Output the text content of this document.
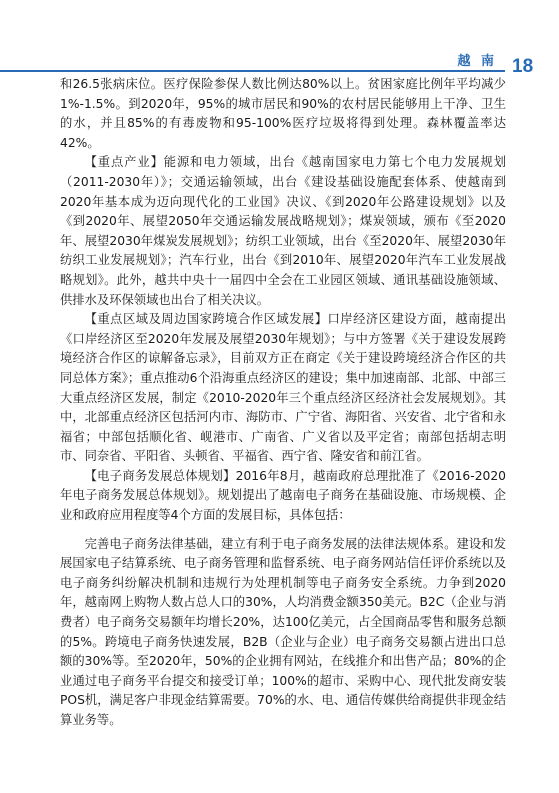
越 南 18

和26.5张病床位。医疗保险参保人数比例达80%以上。贫困家庭比例年平均减少1%-1.5%。到2020年，95%的城市居民和90%的农村居民能够用上干净、卫生的水，并且85%的有毒废物和95-100%医疗垃圾将得到处理。森林覆盖率达42%。

【重点产业】能源和电力领域，出台《越南国家电力第七个电力发展规划（2011-2030年）》；交通运输领域，出台《建设基础设施配套体系、使越南到2020年基本成为迈向现代化的工业国》决议、《到2020年公路建设规划》以及《到2020年、展望2050年交通运输发展战略规划》；煤炭领域，颁布《至2020年、展望2030年煤炭发展规划》；纺织工业领域，出台《至2020年、展望2030年纺织工业发展规划》；汽车行业，出台《到2010年、展望2020年汽车工业发展战略规划》。此外，越共中央十一届四中全会在工业园区领域、通讯基础设施领域、供排水及环保领域也出台了相关决议。

【重点区域及周边国家跨境合作区域发展】口岸经济区建设方面，越南提出《口岸经济区至2020年发展及展望2030年规划》；与中方签署《关于建设发展跨境经济合作区的谅解备忘录》，目前双方正在商定《关于建设跨境经济合作区的共同总体方案》；重点推动6个沿海重点经济区的建设；集中加速南部、北部、中部三大重点经济区发展，制定《2010-2020年三个重点经济区经济社会发展规划》。其中，北部重点经济区包括河内市、海防市、广宁省、海阳省、兴安省、北宁省和永福省；中部包括顺化省、岘港市、广南省、广义省以及平定省；南部包括胡志明市、同奈省、平阳省、头顿省、平福省、西宁省、隆安省和前江省。

【电子商务发展总体规划】2016年8月，越南政府总理批准了《2016-2020年电子商务发展总体规划》。规划提出了越南电子商务在基础设施、市场规模、企业和政府应用程度等4个方面的发展目标，具体包括：

完善电子商务法律基础，建立有利于电子商务发展的法律法规体系。建设和发展国家电子结算系统、电子商务管理和监督系统、电子商务网站信任评价系统以及电子商务纠纷解决机制和违规行为处理机制等电子商务安全系统。力争到2020年，越南网上购物人数占总人口的30%，人均消费金额350美元。B2C（企业与消费者）电子商务交易额年均增长20%，达100亿美元，占全国商品零售和服务总额的5%。跨境电子商务快速发展，B2B（企业与企业）电子商务交易额占进出口总额的30%等。至2020年，50%的企业拥有网站，在线推介和出售产品；80%的企业通过电子商务平台提交和接受订单；100%的超市、采购中心、现代批发商安装POS机，满足客户非现金结算需要。70%的水、电、通信传媒供给商提供非现金结算业务等。
